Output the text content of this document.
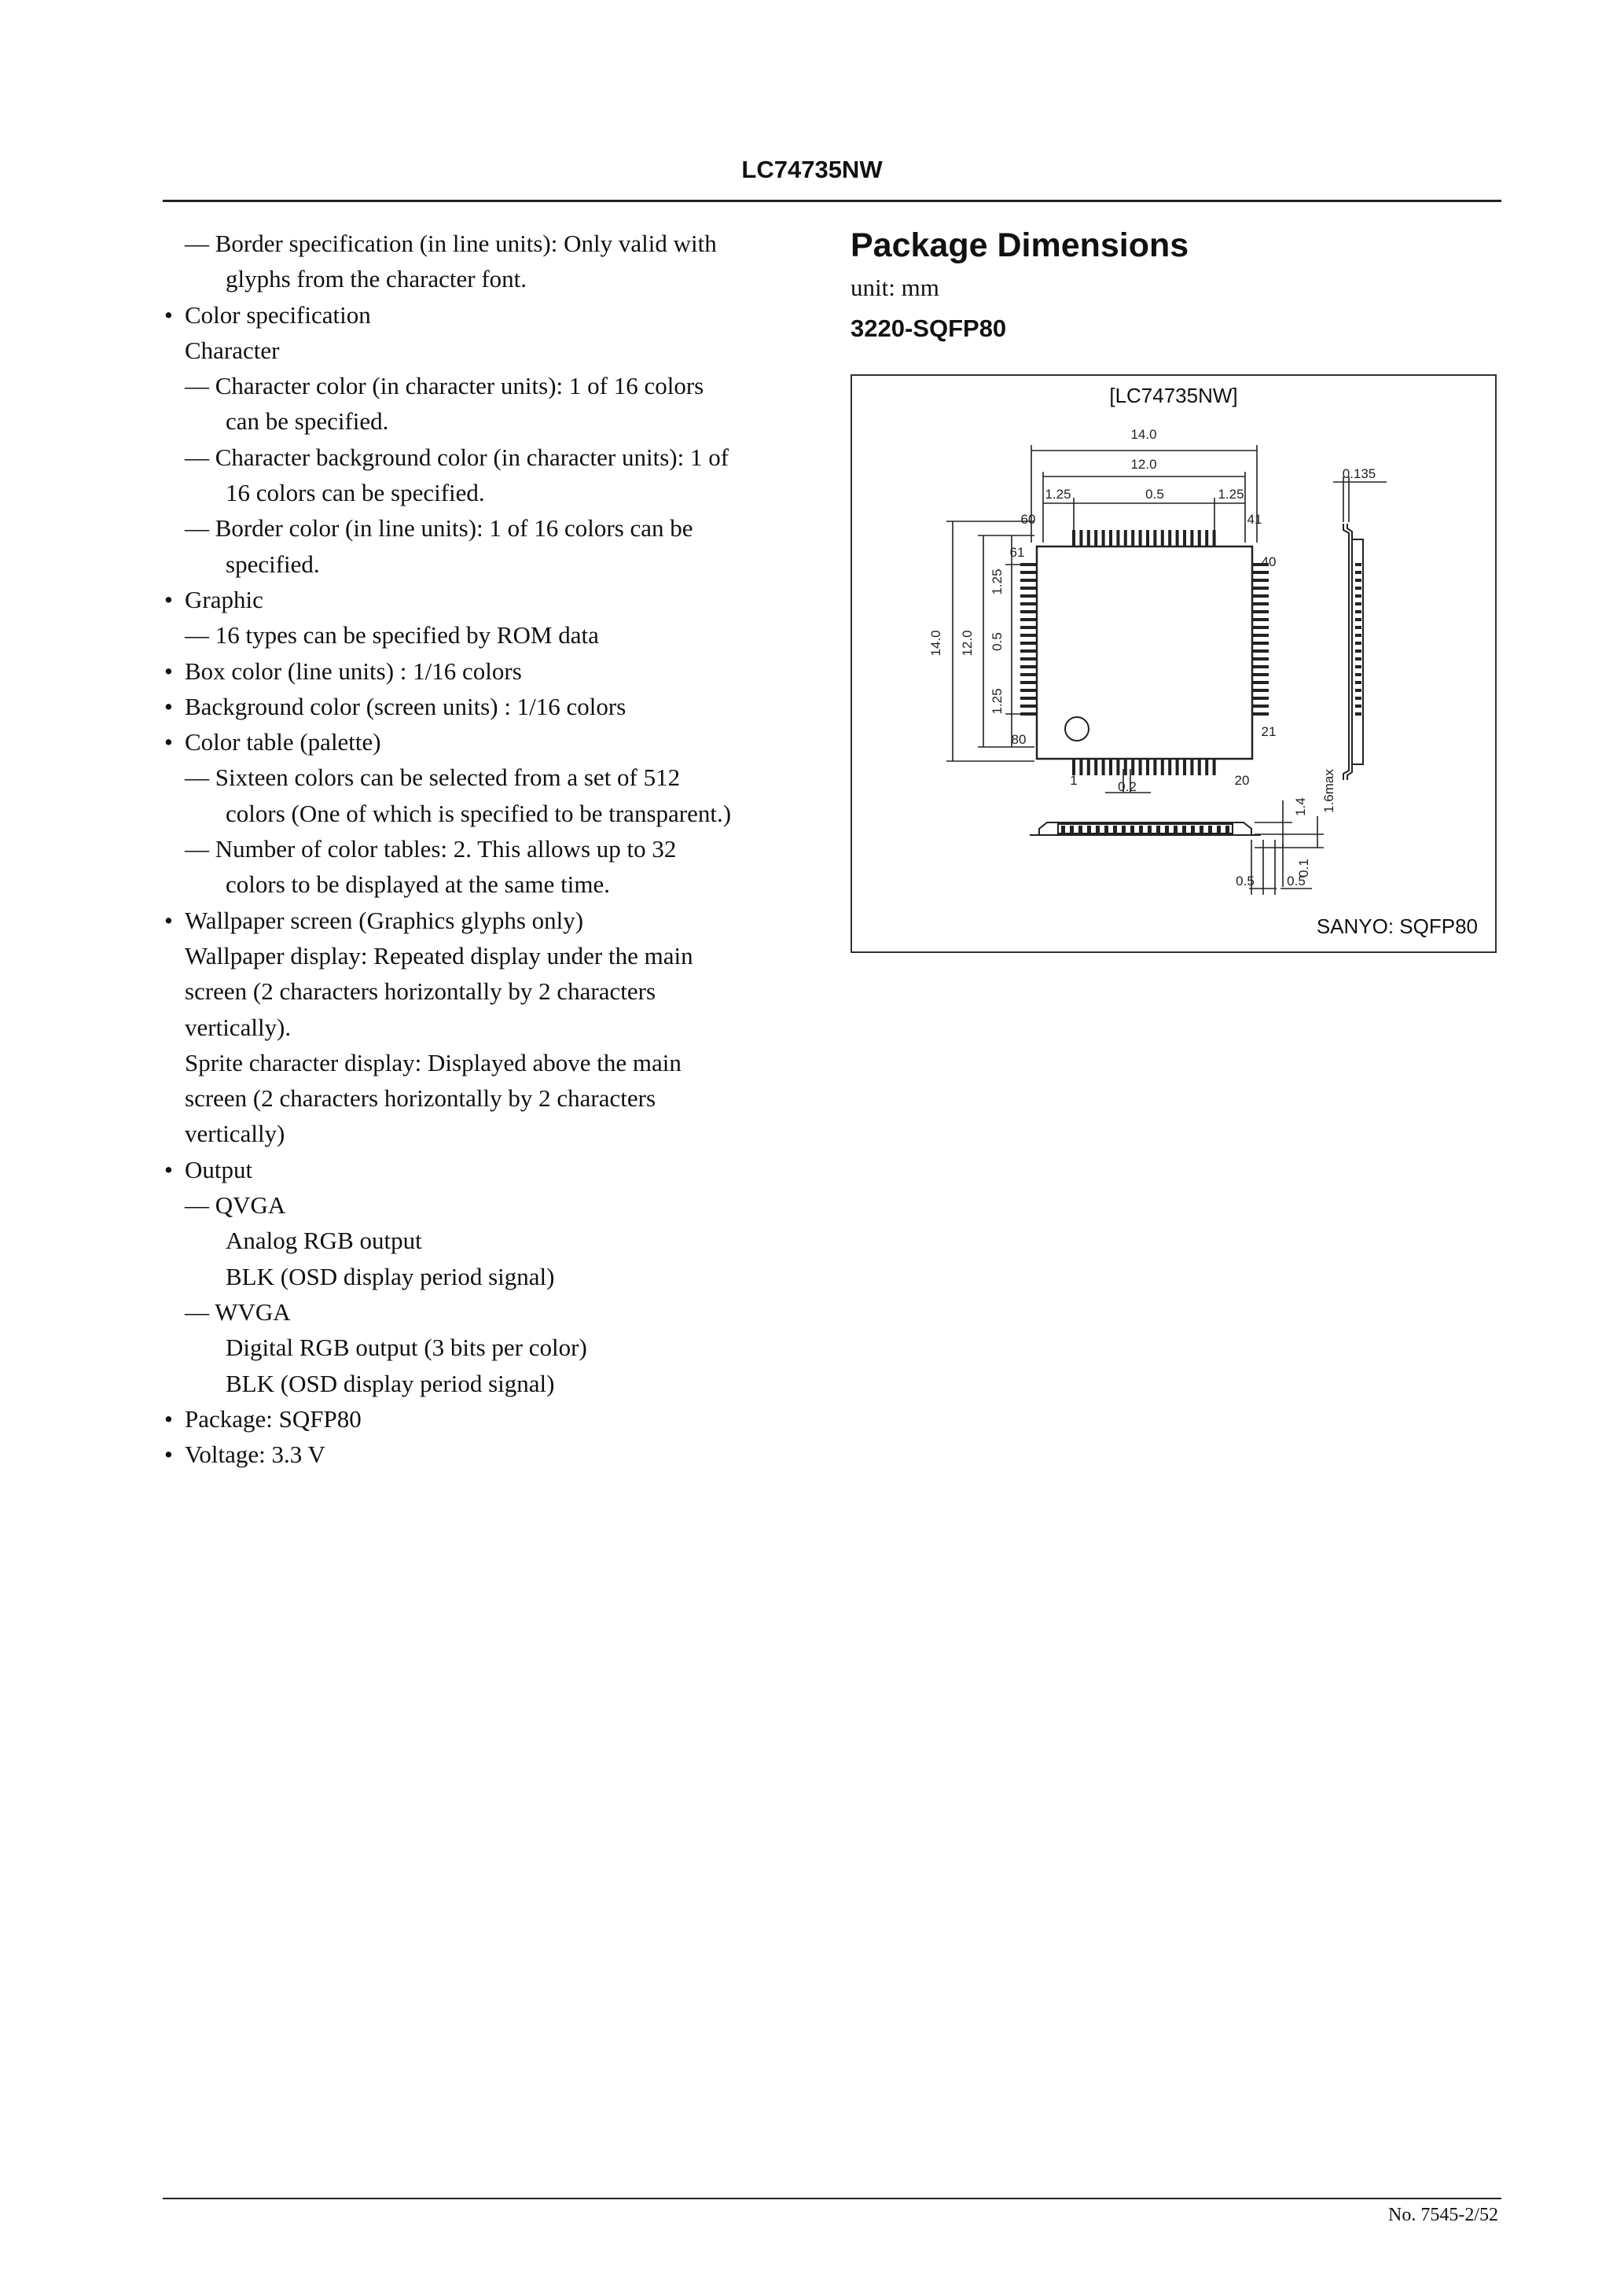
LC74735NW
— Border specification (in line units): Only valid with
glyphs from the character font.
• Color specification
Character
— Character color (in character units): 1 of 16 colors
can be specified.
— Character background color (in character units): 1 of
16 colors can be specified.
— Border color (in line units): 1 of 16 colors can be
specified.
• Graphic
— 16 types can be specified by ROM data
• Box color (line units) : 1/16 colors
• Background color (screen units) : 1/16 colors
• Color table (palette)
— Sixteen colors can be selected from a set of 512
colors (One of which is specified to be transparent.)
— Number of color tables: 2. This allows up to 32
colors to be displayed at the same time.
• Wallpaper screen (Graphics glyphs only)
Wallpaper display: Repeated display under the main
screen (2 characters horizontally by 2 characters
vertically).
Sprite character display: Displayed above the main
screen (2 characters horizontally by 2 characters
vertically)
• Output
— QVGA
Analog RGB output
BLK (OSD display period signal)
— WVGA
Digital RGB output (3 bits per color)
BLK (OSD display period signal)
• Package: SQFP80
• Voltage: 3.3 V
Package Dimensions
unit: mm
3220-SQFP80
[LC74735NW]
14.0
12.0
1.25	0.5	1.25
0.135
14.0 12.0
1.25
0.5
1.25
0.2
1.4 1.6max
0.1
0.5 0.5
60	41
61
40
80
21
1	20
SANYO: SQFP80
No. 7545-2/52
